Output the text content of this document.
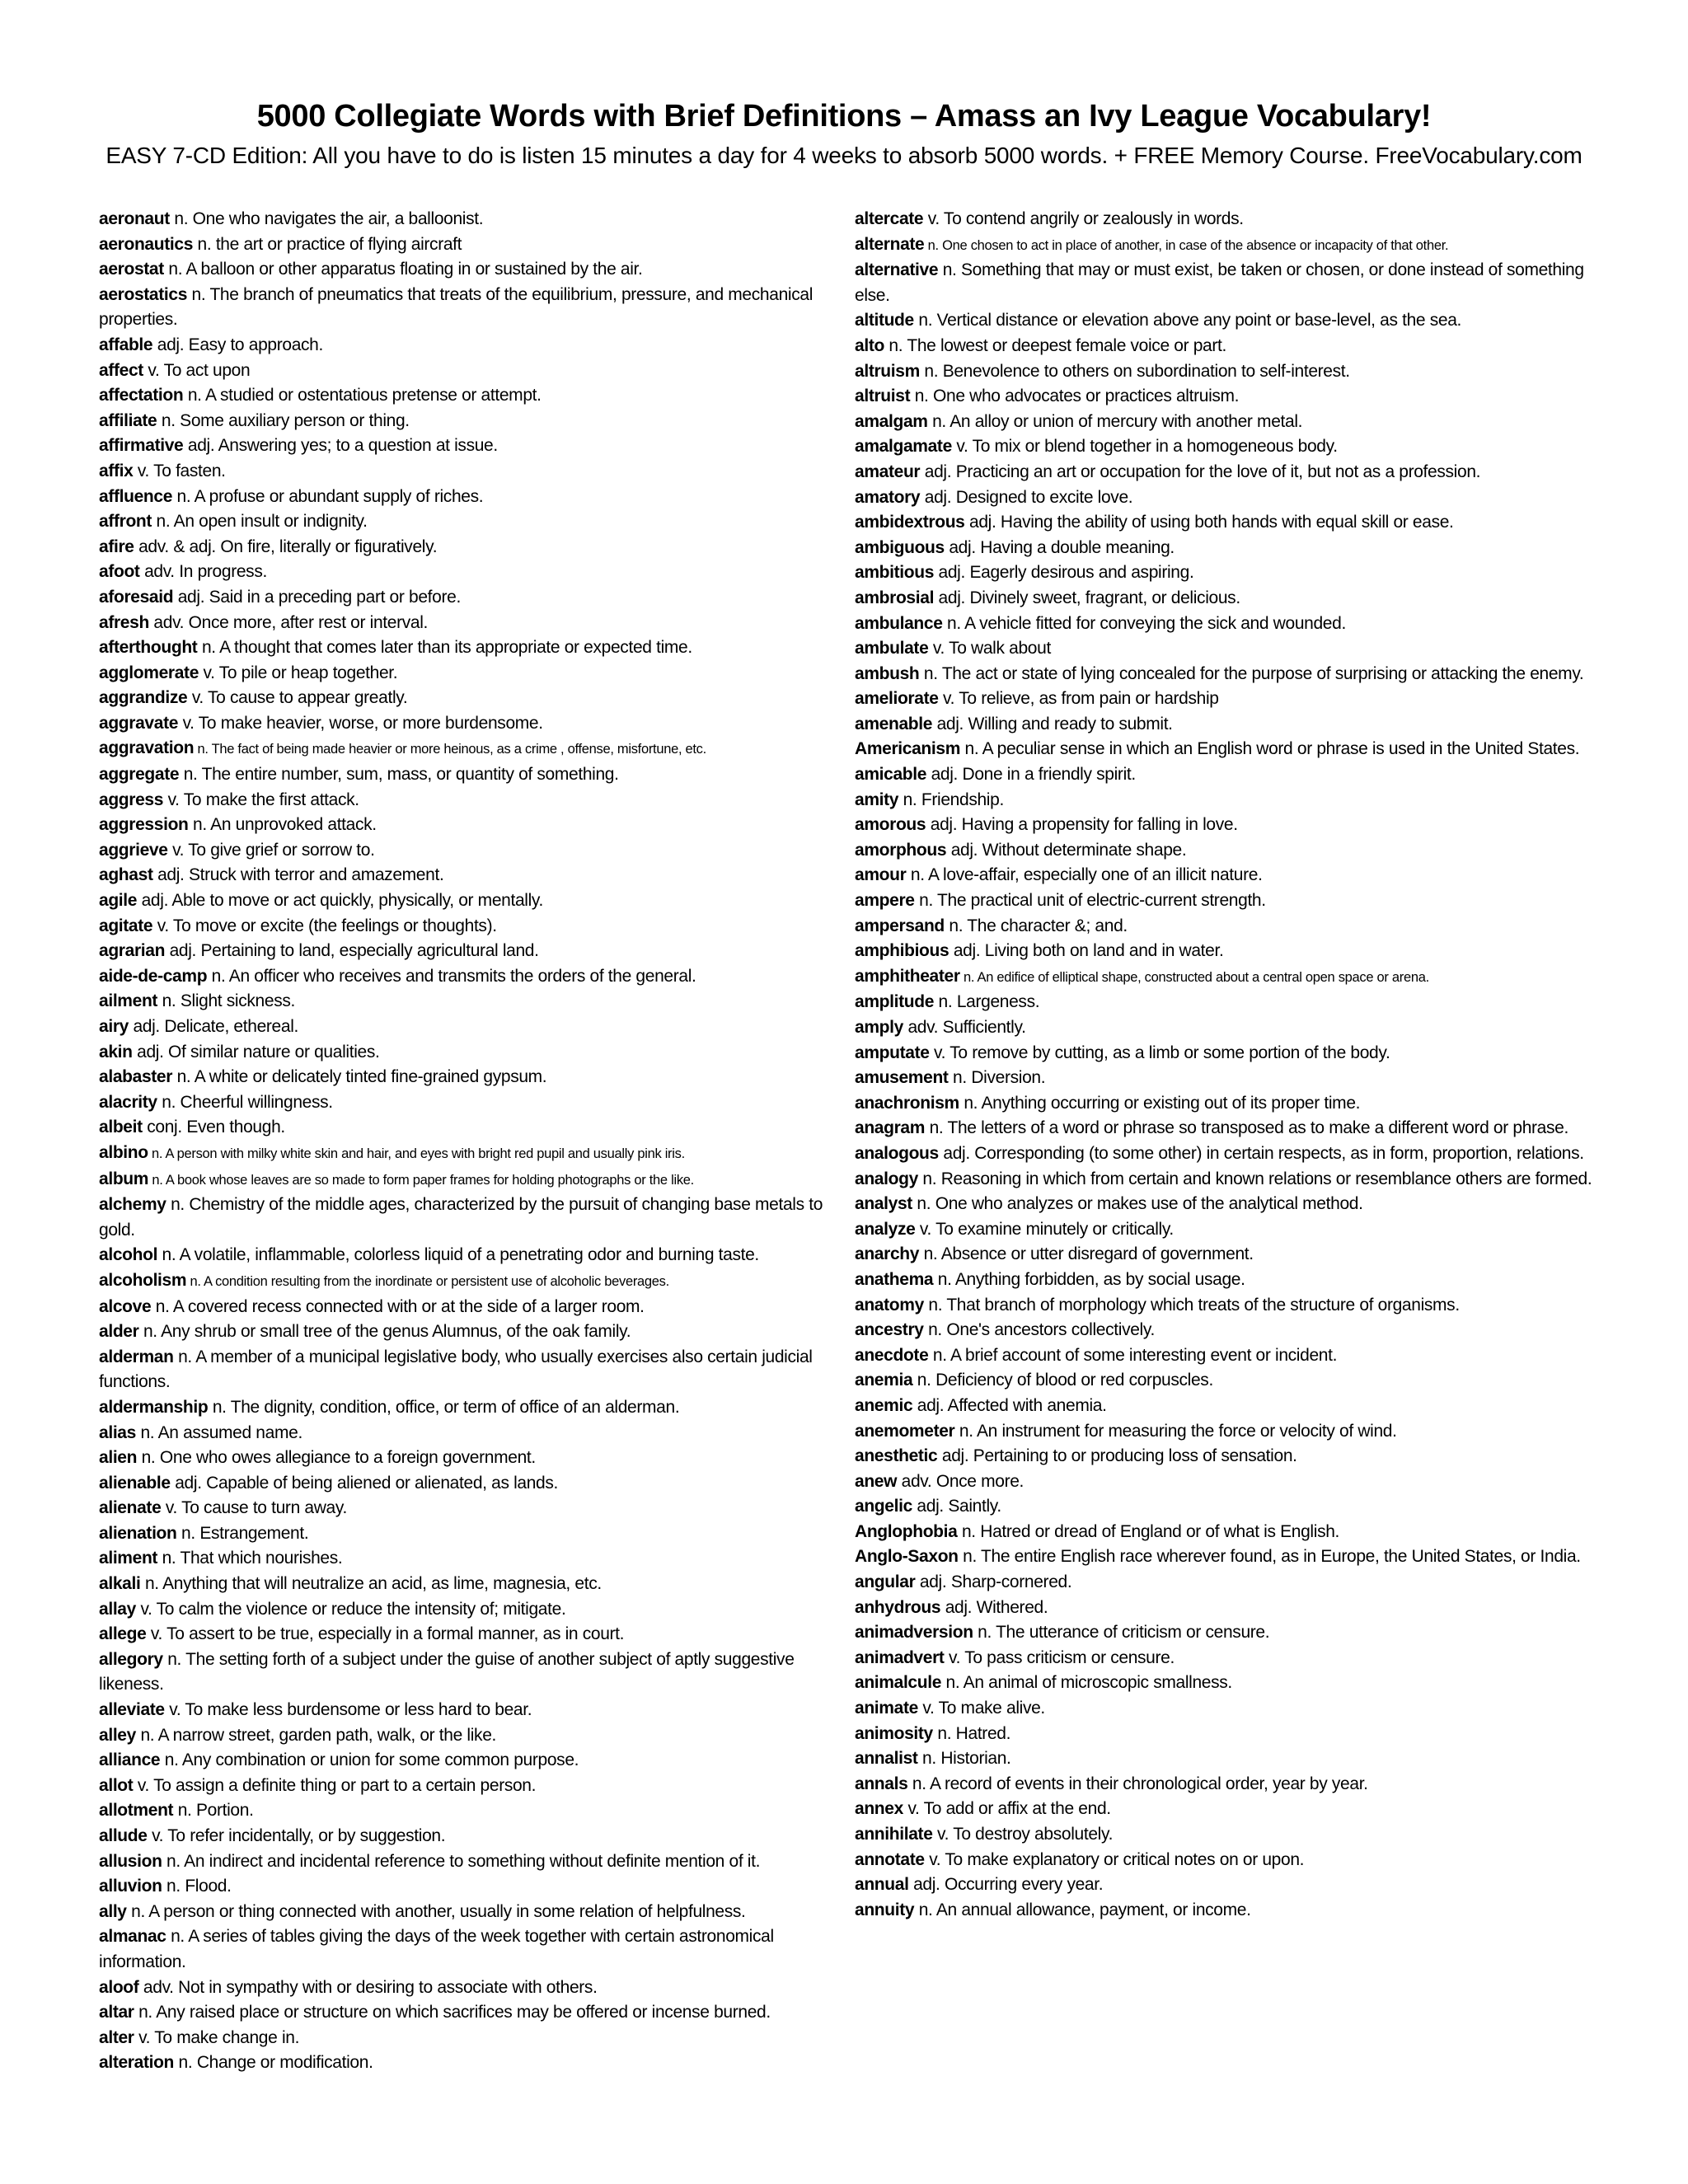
5000 Collegiate Words with Brief Definitions – Amass an Ivy League Vocabulary!

EASY 7-CD Edition: All you have to do is listen 15 minutes a day for 4 weeks to absorb 5000 words. + FREE Memory Course. FreeVocabulary.com

aeronaut n. One who navigates the air, a balloonist.

aeronautics n. the art or practice of flying aircraft

aerostat n. A balloon or other apparatus floating in or sustained by the air.

aerostatics n. The branch of pneumatics that treats of the equilibrium, pressure, and mechanical properties.

affable adj. Easy to approach.

affect v. To act upon

affectation n. A studied or ostentatious pretense or attempt.

affiliate n. Some auxiliary person or thing.

affirmative adj. Answering yes; to a question at issue.

affix v. To fasten.

affluence n. A profuse or abundant supply of riches.

affront n. An open insult or indignity.

afire adv. & adj. On fire, literally or figuratively.

afoot adv. In progress.

aforesaid adj. Said in a preceding part or before.

afresh adv. Once more, after rest or interval.

afterthought n. A thought that comes later than its appropriate or expected time.

agglomerate v. To pile or heap together.

aggrandize v. To cause to appear greatly.

aggravate v. To make heavier, worse, or more burdensome.

aggravation n. The fact of being made heavier or more heinous, as a crime , offense, misfortune, etc.

aggregate n. The entire number, sum, mass, or quantity of something.

aggress v. To make the first attack.

aggression n. An unprovoked attack.

aggrieve v. To give grief or sorrow to.

aghast adj. Struck with terror and amazement.

agile adj. Able to move or act quickly, physically, or mentally.

agitate v. To move or excite (the feelings or thoughts).

agrarian adj. Pertaining to land, especially agricultural land.

aide-de-camp n. An officer who receives and transmits the orders of the general.

ailment n. Slight sickness.

airy adj. Delicate, ethereal.

akin adj. Of similar nature or qualities.

alabaster n. A white or delicately tinted fine-grained gypsum.

alacrity n. Cheerful willingness.

albeit conj. Even though.

albino n. A person with milky white skin and hair, and eyes with bright red pupil and usually pink iris.

album n. A book whose leaves are so made to form paper frames for holding photographs or the like.

alchemy n. Chemistry of the middle ages, characterized by the pursuit of changing base metals to gold.

alcohol n. A volatile, inflammable, colorless liquid of a penetrating odor and burning taste.

alcoholism n. A condition resulting from the inordinate or persistent use of alcoholic beverages.

alcove n. A covered recess connected with or at the side of a larger room.

alder n. Any shrub or small tree of the genus Alumnus, of the oak family.

alderman n. A member of a municipal legislative body, who usually exercises also certain judicial functions.

aldermanship n. The dignity, condition, office, or term of office of an alderman.

alias n. An assumed name.

alien n. One who owes allegiance to a foreign government.

alienable adj. Capable of being aliened or alienated, as lands.

alienate v. To cause to turn away.

alienation n. Estrangement.

aliment n. That which nourishes.

alkali n. Anything that will neutralize an acid, as lime, magnesia, etc.

allay v. To calm the violence or reduce the intensity of; mitigate.

allege v. To assert to be true, especially in a formal manner, as in court.

allegory n. The setting forth of a subject under the guise of another subject of aptly suggestive likeness.

alleviate v. To make less burdensome or less hard to bear.

alley n. A narrow street, garden path, walk, or the like.

alliance n. Any combination or union for some common purpose.

allot v. To assign a definite thing or part to a certain person.

allotment n. Portion.

allude v. To refer incidentally, or by suggestion.

allusion n. An indirect and incidental reference to something without definite mention of it.

alluvion n. Flood.

ally n. A person or thing connected with another, usually in some relation of helpfulness.

almanac n. A series of tables giving the days of the week together with certain astronomical information.

aloof adv. Not in sympathy with or desiring to associate with others.

altar n. Any raised place or structure on which sacrifices may be offered or incense burned.

alter v. To make change in.

alteration n. Change or modification.

altercate v. To contend angrily or zealously in words.

alternate n. One chosen to act in place of another, in case of the absence or incapacity of that other.

alternative n. Something that may or must exist, be taken or chosen, or done instead of something else.

altitude n. Vertical distance or elevation above any point or base-level, as the sea.

alto n. The lowest or deepest female voice or part.

altruism n. Benevolence to others on subordination to self-interest.

altruist n. One who advocates or practices altruism.

amalgam n. An alloy or union of mercury with another metal.

amalgamate v. To mix or blend together in a homogeneous body.

amateur adj. Practicing an art or occupation for the love of it, but not as a profession.

amatory adj. Designed to excite love.

ambidextrous adj. Having the ability of using both hands with equal skill or ease.

ambiguous adj. Having a double meaning.

ambitious adj. Eagerly desirous and aspiring.

ambrosial adj. Divinely sweet, fragrant, or delicious.

ambulance n. A vehicle fitted for conveying the sick and wounded.

ambulate v. To walk about

ambush n. The act or state of lying concealed for the purpose of surprising or attacking the enemy.

ameliorate v. To relieve, as from pain or hardship

amenable adj. Willing and ready to submit.

Americanism n. A peculiar sense in which an English word or phrase is used in the United States.

amicable adj. Done in a friendly spirit.

amity n. Friendship.

amorous adj. Having a propensity for falling in love.

amorphous adj. Without determinate shape.

amour n. A love-affair, especially one of an illicit nature.

ampere n. The practical unit of electric-current strength.

ampersand n. The character &; and.

amphibious adj. Living both on land and in water.

amphitheater n. An edifice of elliptical shape, constructed about a central open space or arena.

amplitude n. Largeness.

amply adv. Sufficiently.

amputate v. To remove by cutting, as a limb or some portion of the body.

amusement n. Diversion.

anachronism n. Anything occurring or existing out of its proper time.

anagram n. The letters of a word or phrase so transposed as to make a different word or phrase.

analogous adj. Corresponding (to some other) in certain respects, as in form, proportion, relations.

analogy n. Reasoning in which from certain and known relations or resemblance others are formed.

analyst n. One who analyzes or makes use of the analytical method.

analyze v. To examine minutely or critically.

anarchy n. Absence or utter disregard of government.

anathema n. Anything forbidden, as by social usage.

anatomy n. That branch of morphology which treats of the structure of organisms.

ancestry n. One's ancestors collectively.

anecdote n. A brief account of some interesting event or incident.

anemia n. Deficiency of blood or red corpuscles.

anemic adj. Affected with anemia.

anemometer n. An instrument for measuring the force or velocity of wind.

anesthetic adj. Pertaining to or producing loss of sensation.

anew adv. Once more.

angelic adj. Saintly.

Anglophobia n. Hatred or dread of England or of what is English.

Anglo-Saxon n. The entire English race wherever found, as in Europe, the United States, or India.

angular adj. Sharp-cornered.

anhydrous adj. Withered.

animadversion n. The utterance of criticism or censure.

animadvert v. To pass criticism or censure.

animalcule n. An animal of microscopic smallness.

animate v. To make alive.

animosity n. Hatred.

annalist n. Historian.

annals n. A record of events in their chronological order, year by year.

annex v. To add or affix at the end.

annihilate v. To destroy absolutely.

annotate v. To make explanatory or critical notes on or upon.

annual adj. Occurring every year.

annuity n. An annual allowance, payment, or income.
